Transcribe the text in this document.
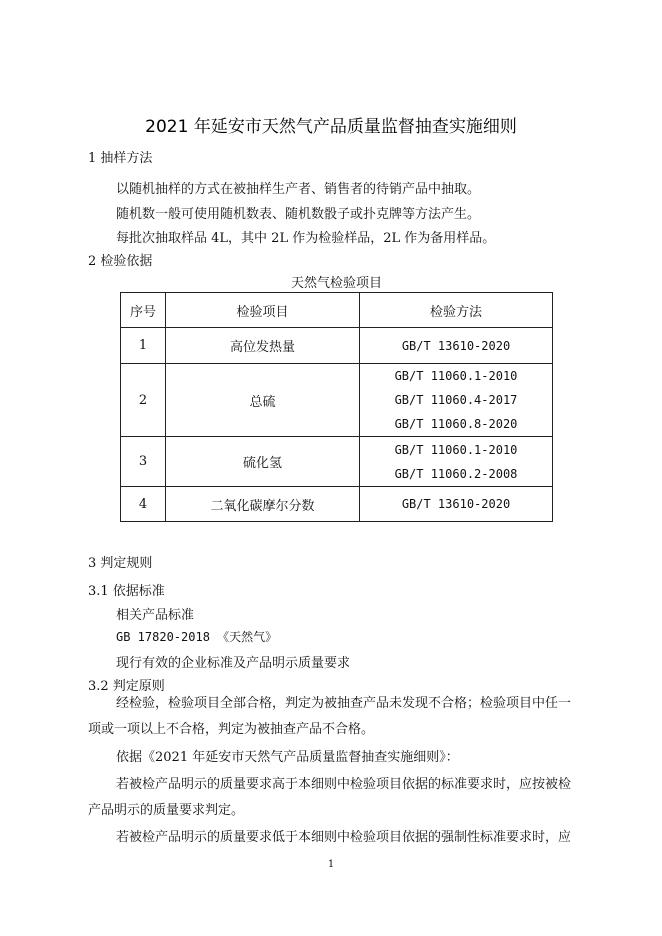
2021 年延安市天然气产品质量监督抽查实施细则
1 抽样方法
以随机抽样的方式在被抽样生产者、销售者的待销产品中抽取。
随机数一般可使用随机数表、随机数骰子或扑克牌等方法产生。
每批次抽取样品 4L，其中 2L 作为检验样品，2L 作为备用样品。
2 检验依据
天然气检验项目
序号	检验项目	检验方法
1	高位发热量	GB/T 13610-2020

2	总硫	GB/T 11060.1-2010
GB/T 11060.4-2017
GB/T 11060.8-2020

3	硫化氢	GB/T 11060.1-2010
GB/T 11060.2-2008

4	二氧化碳摩尔分数	GB/T 13610-2020
3 判定规则
3.1 依据标准
相关产品标准
GB 17820-2018 《天然气》
现行有效的企业标准及产品明示质量要求
3.2 判定原则
经检验，检验项目全部合格，判定为被抽查产品未发现不合格；检验项目中任一
项或一项以上不合格，判定为被抽查产品不合格。
依据《2021 年延安市天然气产品质量监督抽查实施细则》：
若被检产品明示的质量要求高于本细则中检验项目依据的标准要求时，应按被检
产品明示的质量要求判定。
若被检产品明示的质量要求低于本细则中检验项目依据的强制性标准要求时，应
1
